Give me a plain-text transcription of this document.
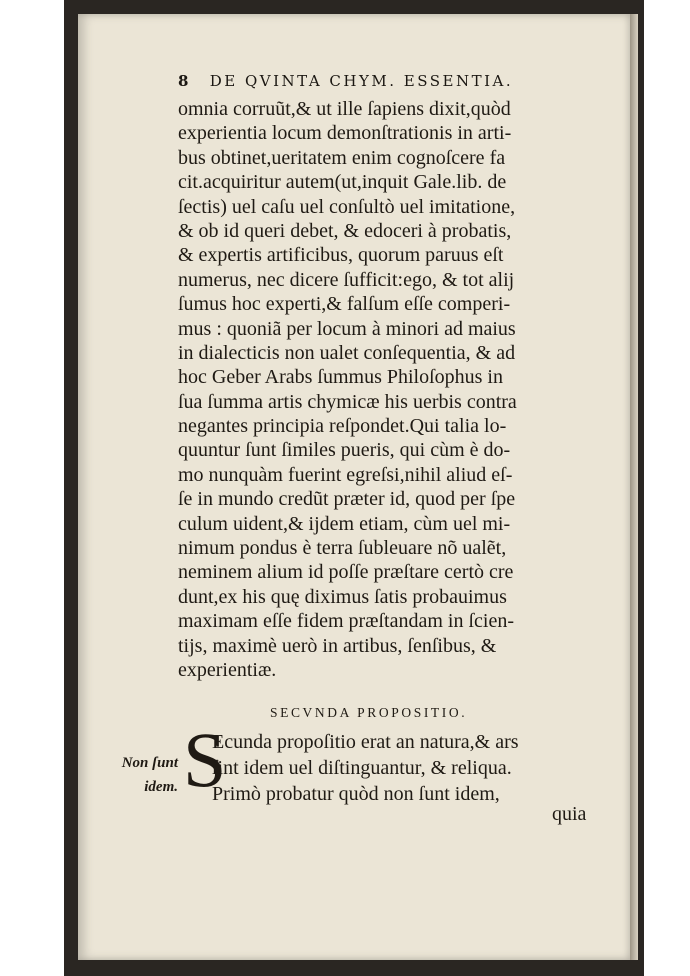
8 DE QVINTA CHYM. ESSENTIA.
omnia corruũt,& ut ille ſapiens dixit,quòd
experientia locum demonſtrationis in arti-
bus obtinet,ueritatem enim cognoſcere fa
cit.acquiritur autem(ut,inquit Gale.lib. de
ſectis) uel caſu uel conſultò uel imitatione,
& ob id queri debet, & edoceri à probatis,
& expertis artificibus, quorum paruus eſt
numerus, nec dicere ſufficit:ego, & tot alij
ſumus hoc experti,& falſum eſſe comperi-
mus : quoniã per locum à minori ad maius
in dialecticis non ualet conſequentia, & ad
hoc Geber Arabs ſummus Philoſophus in
ſua ſumma artis chymicæ his uerbis contra
negantes principia reſpondet.Qui talia lo-
quuntur ſunt ſimiles pueris, qui cùm è do-
mo nunquàm fuerint egreſsi,nihil aliud eſ-
ſe in mundo credũt præter id, quod per ſpe
culum uident,& ijdem etiam, cùm uel mi-
nimum pondus è terra ſubleuare nõ ualẽt,
neminem alium id poſſe præſtare certò cre
dunt,ex his quę diximus ſatis probauimus
maximam eſſe fidem præſtandam in ſcien-
tijs, maximè uerò in artibus, ſenſibus, &
experientiæ.
SECVNDA PROPOSITIO.
S
Ecunda propoſitio erat an natura,& ars
ſint idem uel diſtinguantur, & reliqua.
Primò probatur quòd non ſunt idem,
quia
Non ſunt
idem.
